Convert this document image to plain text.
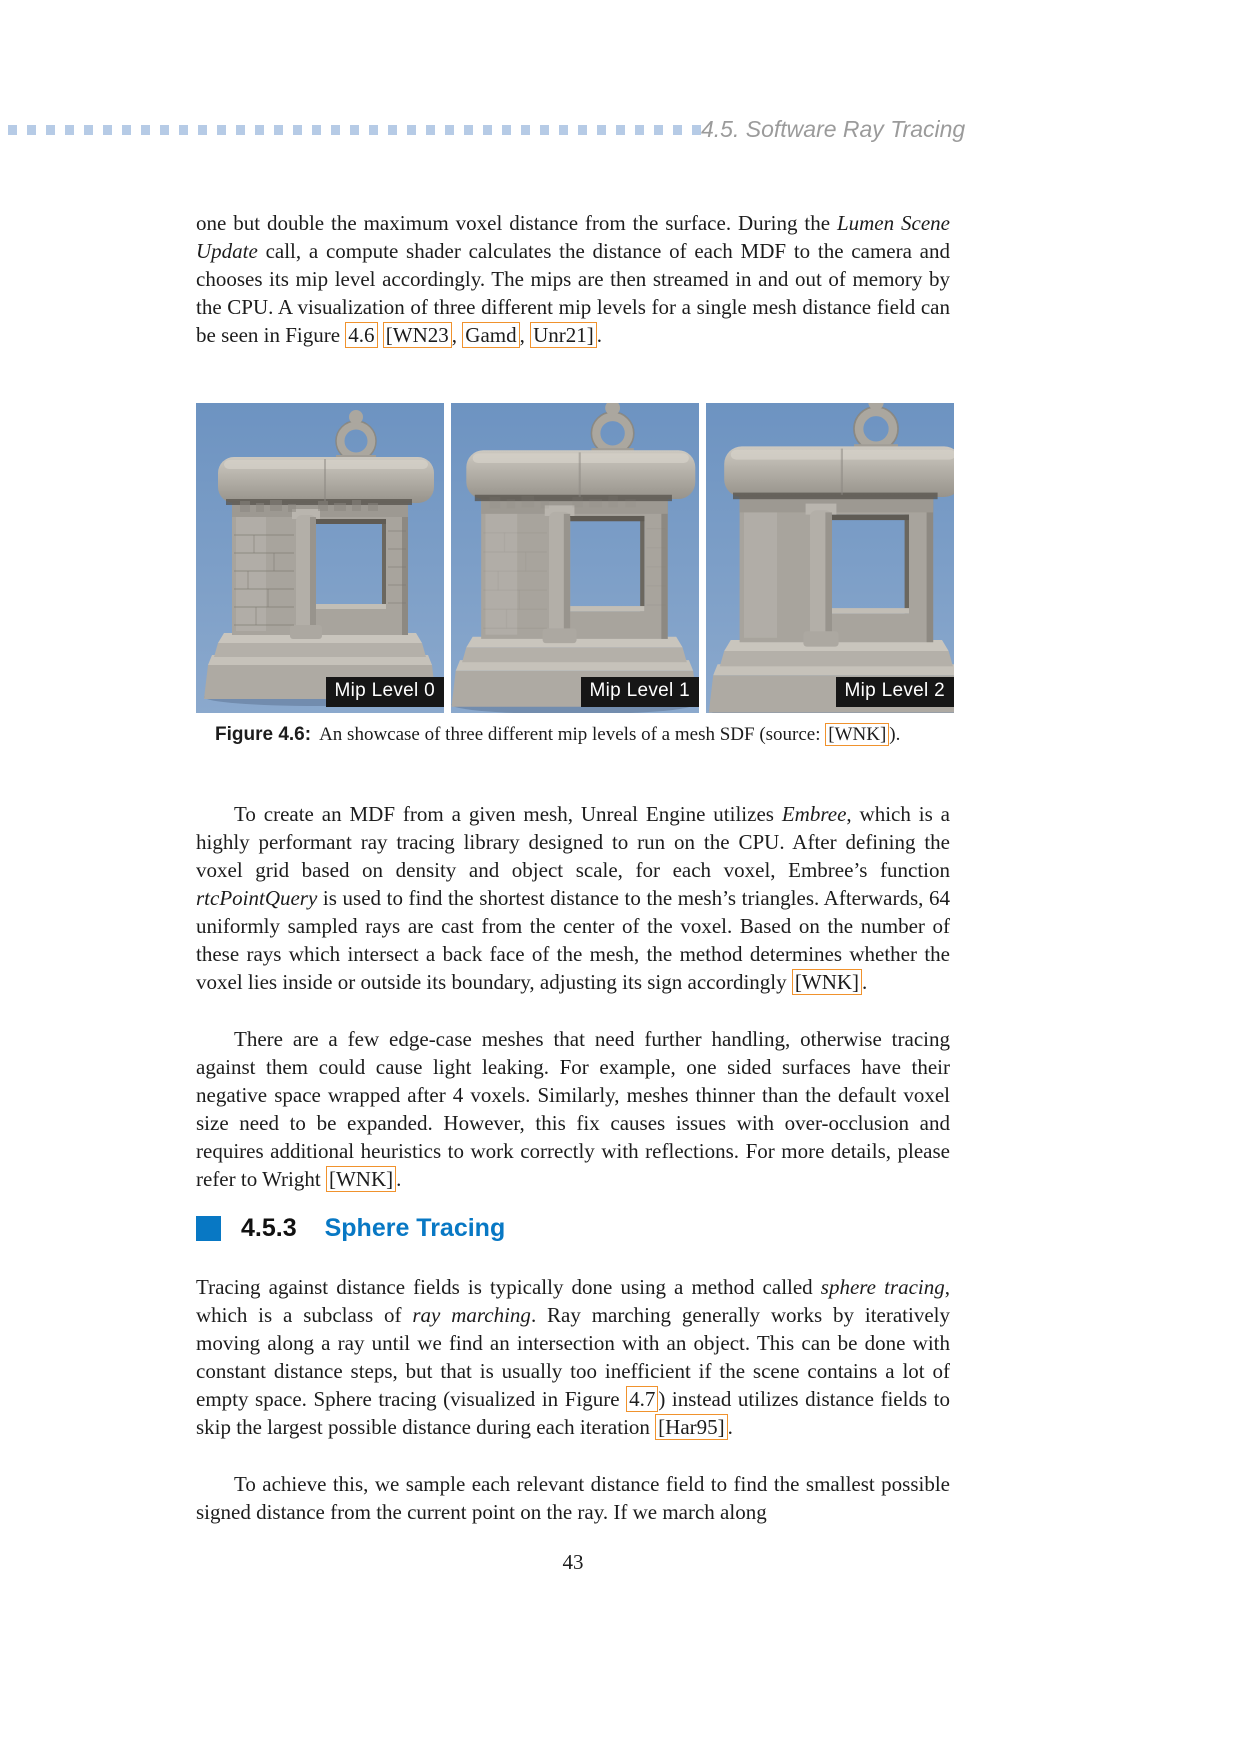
4.5. Software Ray Tracing

one but double the maximum voxel distance from the surface. During the Lumen Scene Update call, a compute shader calculates the distance of each MDF to the camera and chooses its mip level accordingly. The mips are then streamed in and out of memory by the CPU. A visualization of three different mip levels for a single mesh distance field can be seen in Figure 4.6 [WN23 , Gamd , Unr21] .

Mip Level 0	Mip Level 1	Mip Level 2
Figure 4.6: An showcase of three different mip levels of a mesh SDF (source: [WNK] ).

To create an MDF from a given mesh, Unreal Engine utilizes Embree, which is a highly performant ray tracing library designed to run on the CPU. After defining the voxel grid based on density and object scale, for each voxel, Embree’s function rtcPointQuery is used to find the shortest distance to the mesh’s triangles. Afterwards, 64 uniformly sampled rays are cast from the center of the voxel. Based on the number of these rays which intersect a back face of the mesh, the method determines whether the voxel lies inside or outside its boundary, adjusting its sign accordingly [WNK] .

There are a few edge-case meshes that need further handling, otherwise tracing against them could cause light leaking. For example, one sided surfaces have their negative space wrapped after 4 voxels. Similarly, meshes thinner than the default voxel size need to be expanded. However, this fix causes issues with over-occlusion and requires additional heuristics to work correctly with reflections. For more details, please refer to Wright [WNK] .

4.5.3 Sphere Tracing

Tracing against distance fields is typically done using a method called sphere tracing, which is a subclass of ray marching. Ray marching generally works by iteratively moving along a ray until we find an intersection with an object. This can be done with constant distance steps, but that is usually too inefficient if the scene contains a lot of empty space. Sphere tracing (visualized in Figure 4.7 ) instead utilizes distance fields to skip the largest possible distance during each iteration [Har95] .

To achieve this, we sample each relevant distance field to find the smallest possible signed distance from the current point on the ray. If we march along

43
